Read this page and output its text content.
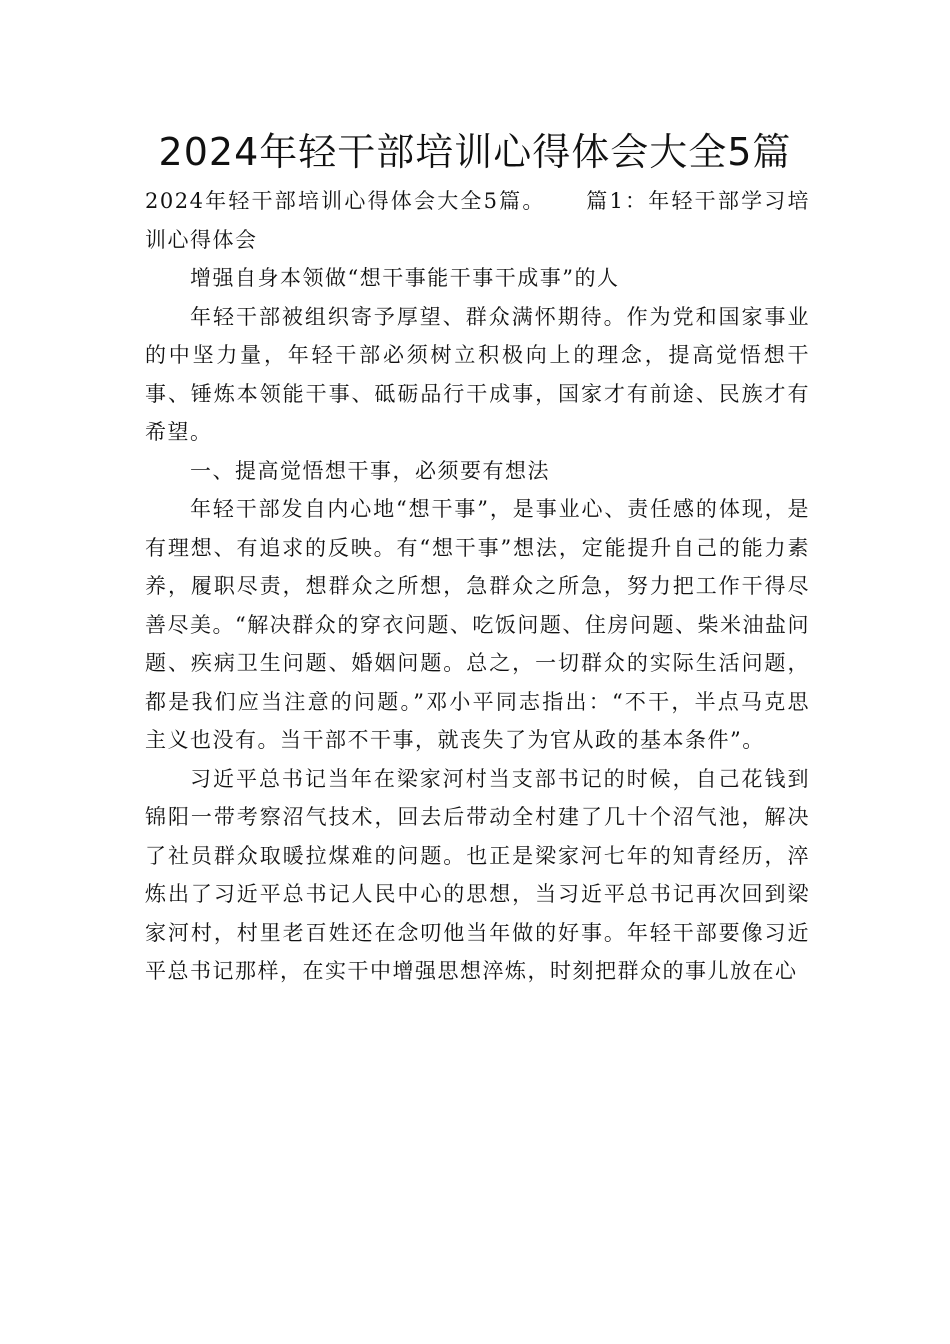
2024年轻干部培训心得体会大全5篇

2024年轻干部培训心得体会大全5篇。 篇1：年轻干部学习培训心得体会

增强自身本领做“想干事能干事干成事”的人

年轻干部被组织寄予厚望、群众满怀期待。作为党和国家事业的中坚力量，年轻干部必须树立积极向上的理念，提高觉悟想干事、锤炼本领能干事、砥砺品行干成事，国家才有前途、民族才有希望。

一、提高觉悟想干事，必须要有想法

年轻干部发自内心地“想干事”，是事业心、责任感的体现，是有理想、有追求的反映。有“想干事”想法，定能提升自己的能力素养，履职尽责，想群众之所想，急群众之所急，努力把工作干得尽善尽美。“解决群众的穿衣问题、吃饭问题、住房问题、柴米油盐问题、疾病卫生问题、婚姻问题。总之，一切群众的实际生活问题，都是我们应当注意的问题。”邓小平同志指出：“不干，半点马克思主义也没有。当干部不干事，就丧失了为官从政的基本条件”。

习近平总书记当年在梁家河村当支部书记的时候，自己花钱到锦阳一带考察沼气技术，回去后带动全村建了几十个沼气池，解决了社员群众取暖拉煤难的问题。也正是梁家河七年的知青经历，淬炼出了习近平总书记人民中心的思想，当习近平总书记再次回到梁家河村，村里老百姓还在念叨他当年做的好事。年轻干部要像习近平总书记那样，在实干中增强思想淬炼，时刻把群众的事儿放在心
